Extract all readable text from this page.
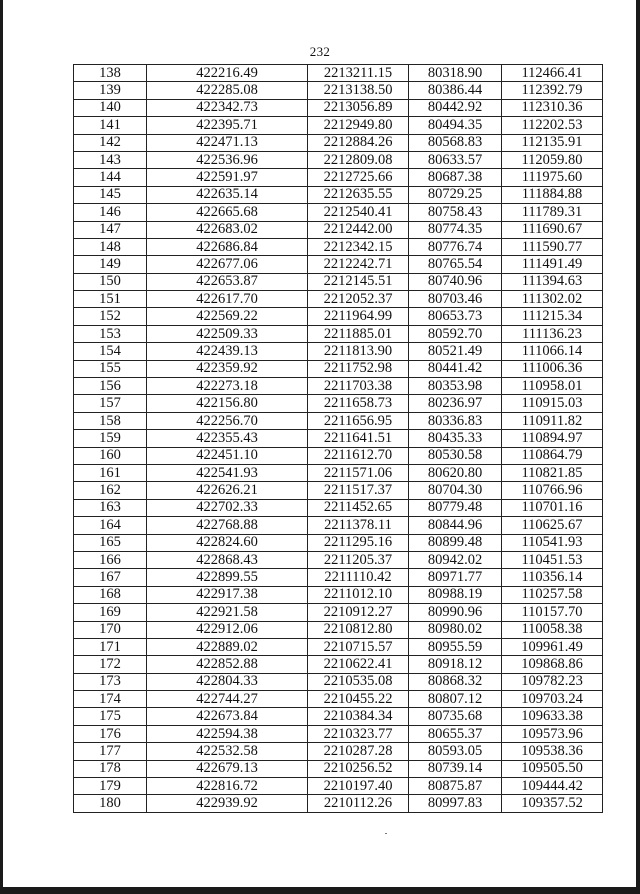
232
138	422216.49	2213211.15	80318.90	112466.41
139	422285.08	2213138.50	80386.44	112392.79
140	422342.73	2213056.89	80442.92	112310.36
141	422395.71	2212949.80	80494.35	112202.53
142	422471.13	2212884.26	80568.83	112135.91
143	422536.96	2212809.08	80633.57	112059.80
144	422591.97	2212725.66	80687.38	111975.60
145	422635.14	2212635.55	80729.25	111884.88
146	422665.68	2212540.41	80758.43	111789.31
147	422683.02	2212442.00	80774.35	111690.67
148	422686.84	2212342.15	80776.74	111590.77
149	422677.06	2212242.71	80765.54	111491.49
150	422653.87	2212145.51	80740.96	111394.63
151	422617.70	2212052.37	80703.46	111302.02
152	422569.22	2211964.99	80653.73	111215.34
153	422509.33	2211885.01	80592.70	111136.23
154	422439.13	2211813.90	80521.49	111066.14
155	422359.92	2211752.98	80441.42	111006.36
156	422273.18	2211703.38	80353.98	110958.01
157	422156.80	2211658.73	80236.97	110915.03
158	422256.70	2211656.95	80336.83	110911.82
159	422355.43	2211641.51	80435.33	110894.97
160	422451.10	2211612.70	80530.58	110864.79
161	422541.93	2211571.06	80620.80	110821.85
162	422626.21	2211517.37	80704.30	110766.96
163	422702.33	2211452.65	80779.48	110701.16
164	422768.88	2211378.11	80844.96	110625.67
165	422824.60	2211295.16	80899.48	110541.93
166	422868.43	2211205.37	80942.02	110451.53
167	422899.55	2211110.42	80971.77	110356.14
168	422917.38	2211012.10	80988.19	110257.58
169	422921.58	2210912.27	80990.96	110157.70
170	422912.06	2210812.80	80980.02	110058.38
171	422889.02	2210715.57	80955.59	109961.49
172	422852.88	2210622.41	80918.12	109868.86
173	422804.33	2210535.08	80868.32	109782.23
174	422744.27	2210455.22	80807.12	109703.24
175	422673.84	2210384.34	80735.68	109633.38
176	422594.38	2210323.77	80655.37	109573.96
177	422532.58	2210287.28	80593.05	109538.36
178	422679.13	2210256.52	80739.14	109505.50
179	422816.72	2210197.40	80875.87	109444.42
180	422939.92	2210112.26	80997.83	109357.52
